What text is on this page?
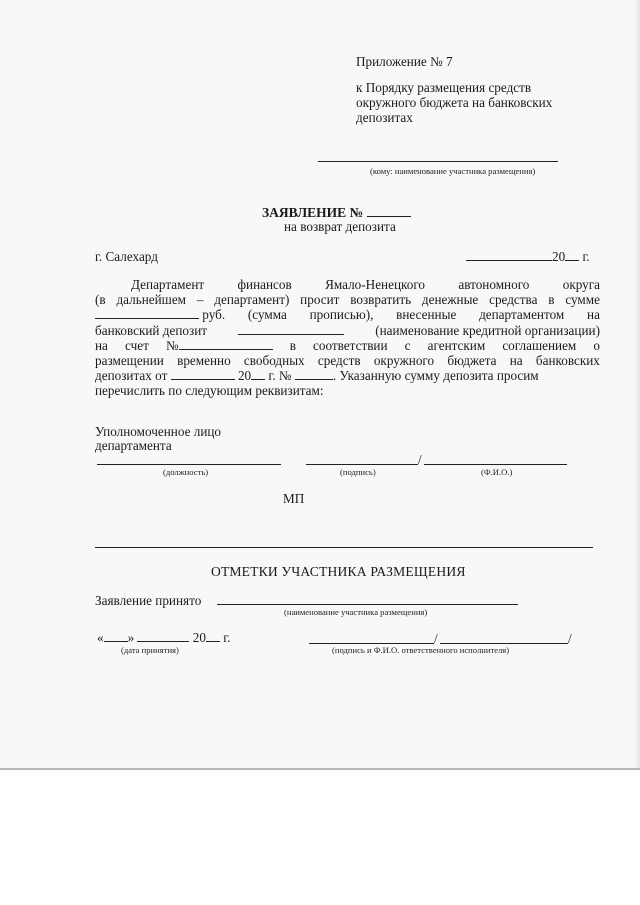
Приложение № 7
к Порядку размещения средств
окружного бюджета на банковских
депозитах
(кому: наименование участника размещения)
ЗАЯВЛЕНИЕ №
на возврат депозита
г. Салехард	20 г.
Департамент	финансов	Ямало-Ненецкого	автономного	округа
(в дальнейшем – департамент) просит возвратить денежные средства в сумме
руб. (сумма прописью), внесенные департаментом на
банковский депозит	(наименование кредитной организации)
на счет №	в соответствии с агентским соглашением о
размещении временно свободных средств окружного бюджета на банковских
депозитах от

	20
г. №
	. Указанную сумму депозита просим
перечислить по следующим реквизитам:
Уполномоченное лицо
департамента
/
(должность)	(подпись)	(Ф.И.О.)
МП
ОТМЕТКИ УЧАСТНИКА РАЗМЕЩЕНИЯ
Заявление принято
(наименование участника размещения)
« »	20 г.
(дата принятия)
/	/
(подпись и Ф.И.О. ответственного исполнителя)
